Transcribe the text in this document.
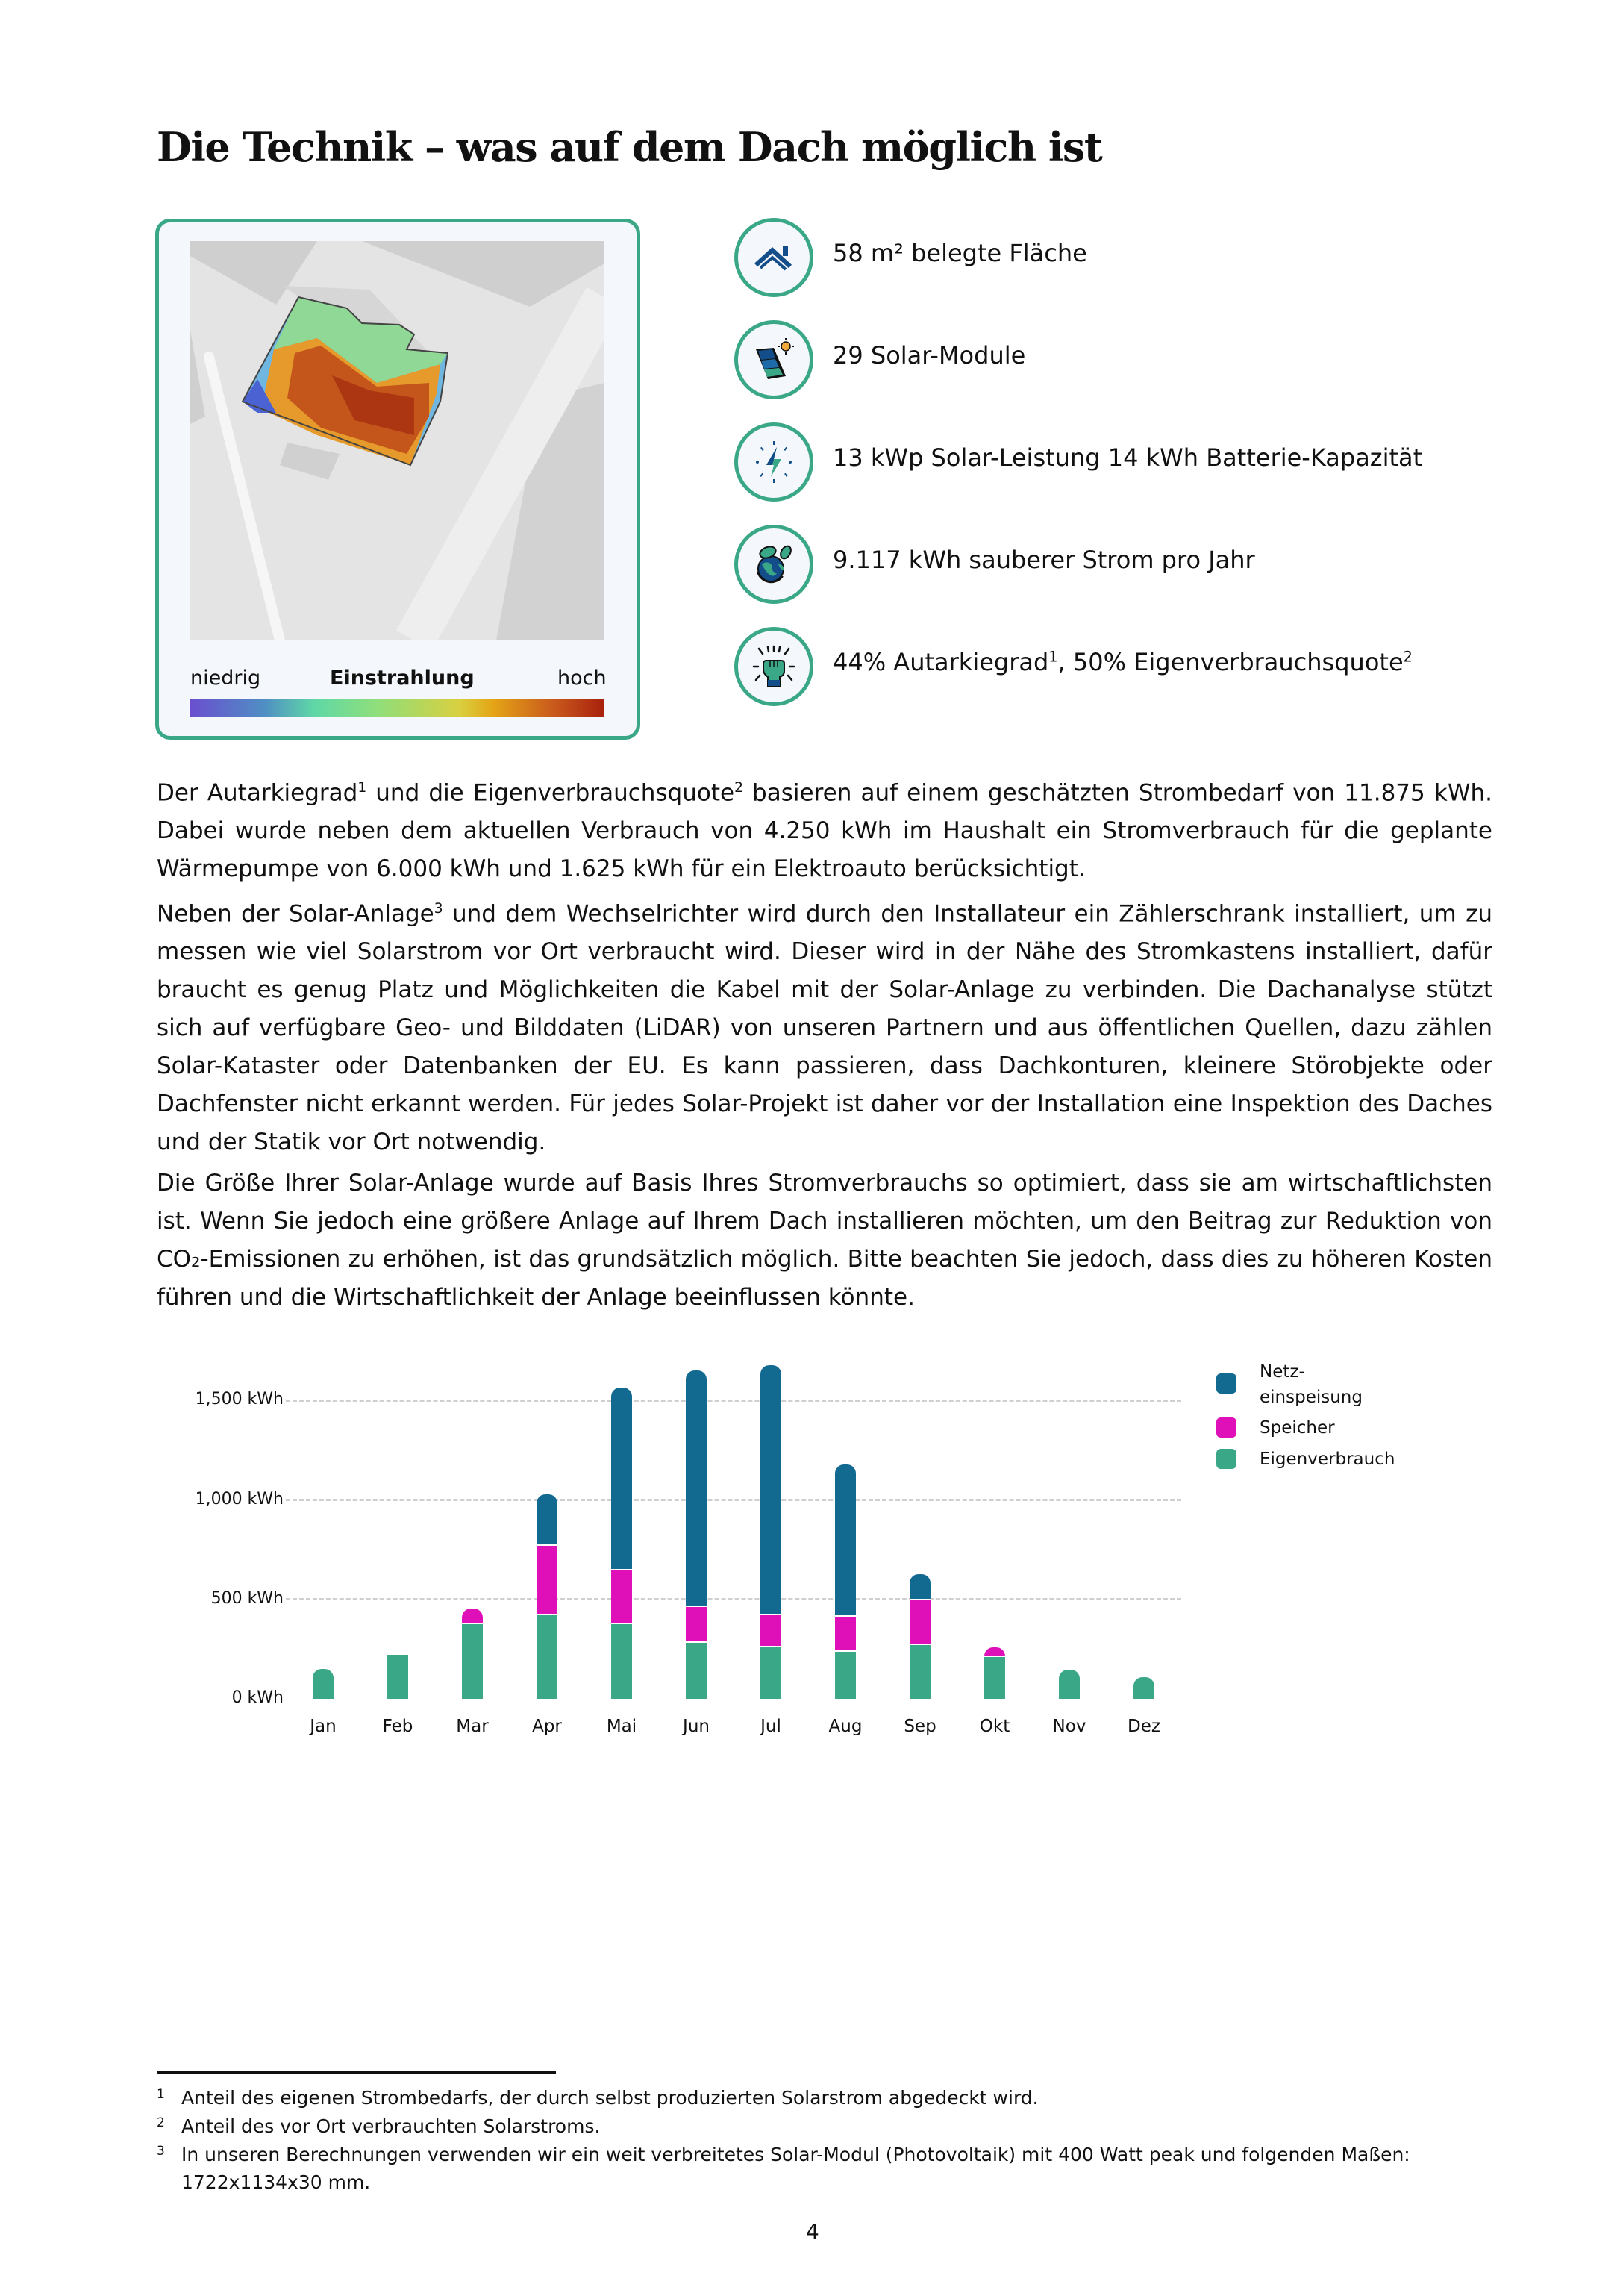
Die Technik – was auf dem Dach möglich ist
niedrig	Einstrahlung	hoch
58 m² belegte Fläche
29 Solar-Module
13 kWp Solar-Leistung 14 kWh Batterie-Kapazität
9.117 kWh sauberer Strom pro Jahr
44% Autarkiegrad$^1$, 50% Eigenverbrauchsquote$^2$
Der Autarkiegrad$^1$ und die Eigenverbrauchsquote$^2$ basieren auf einem geschätzten Strombedarf von 11.875 kWh. Dabei wurde neben dem aktuellen Verbrauch von 4.250 kWh im Haushalt ein Stromverbrauch für die geplante Wärmepumpe von 6.000 kWh und 1.625 kWh für ein Elektroauto berücksichtigt.
Neben der Solar-Anlage$^3$ und dem Wechselrichter wird durch den Installateur ein Zählerschrank installiert, um zu messen wie viel Solarstrom vor Ort verbraucht wird. Dieser wird in der Nähe des Stromkastens installiert, dafür braucht es genug Platz und Möglichkeiten die Kabel mit der Solar-Anlage zu verbinden. Die Dachanalyse stützt sich auf verfügbare Geo- und Bilddaten (LiDAR) von unseren Partnern und aus öffentlichen Quellen, dazu zählen Solar-Kataster oder Datenbanken der EU. Es kann passieren, dass Dachkonturen, kleinere Störobjekte oder Dachfenster nicht erkannt werden. Für jedes Solar-Projekt ist daher vor der Installation eine Inspektion des Daches und der Statik vor Ort notwendig.
Die Größe Ihrer Solar-Anlage wurde auf Basis Ihres Stromverbrauchs so optimiert, dass sie am wirtschaftlichsten ist. Wenn Sie jedoch eine größere Anlage auf Ihrem Dach installieren möchten, um den Beitrag zur Reduktion von CO₂-Emissionen zu erhöhen, ist das grundsätzlich möglich. Bitte beachten Sie jedoch, dass dies zu höheren Kosten führen und die Wirtschaftlichkeit der Anlage beeinflussen könnte.
1,500 kWh
1,000 kWh
500 kWh
0 kWh
Jan	Feb	Mar	Apr	Mai	Jun	Jul	Aug	Sep	Okt	Nov	Dez
Netz-
einspeisung
Speicher
Eigenverbrauch
1 Anteil des eigenen Strombedarfs, der durch selbst produzierten Solarstrom abgedeckt wird.
2 Anteil des vor Ort verbrauchten Solarstroms.
3 In unseren Berechnungen verwenden wir ein weit verbreitetes Solar-Modul (Photovoltaik) mit 400 Watt peak und folgenden Maßen: 1722x1134x30 mm.
4
